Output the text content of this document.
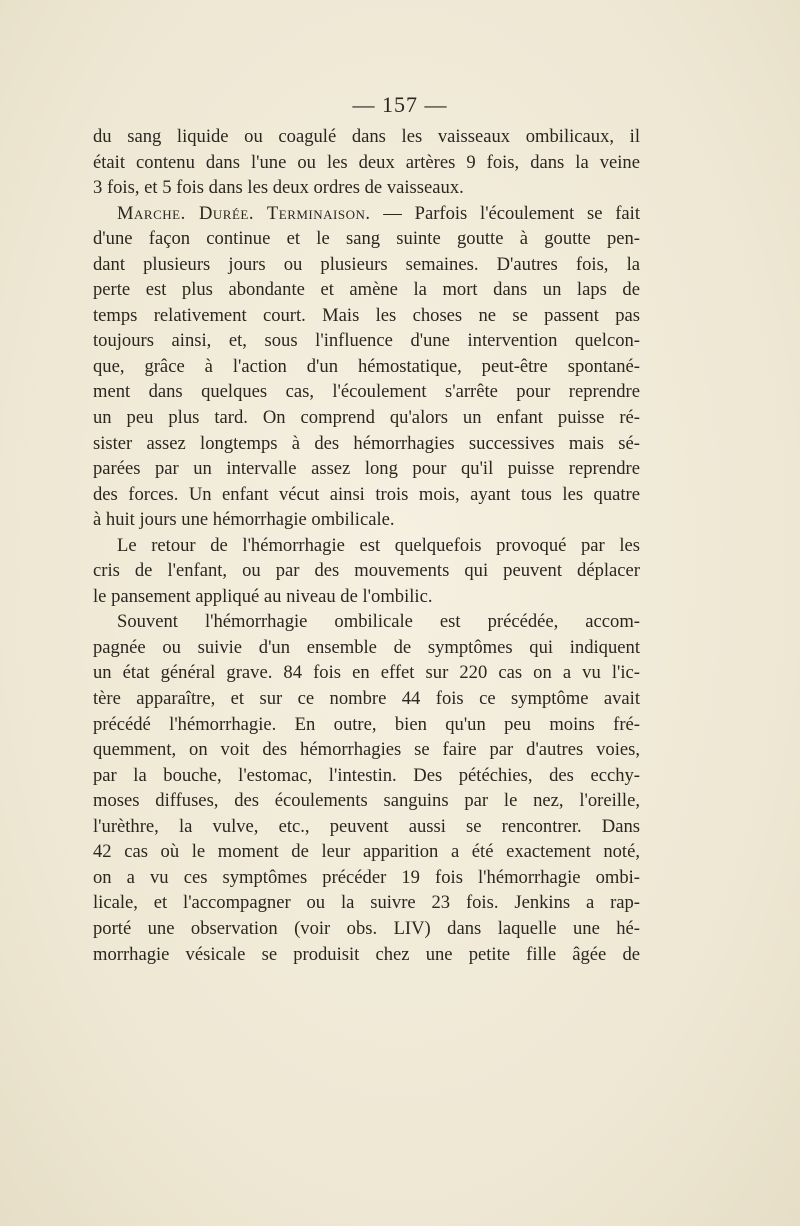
— 157 —
du sang liquide ou coagulé dans les vaisseaux ombilicaux, il
était contenu dans l'une ou les deux artères 9 fois, dans la veine
3 fois, et 5 fois dans les deux ordres de vaisseaux.
Marche. Durée. Terminaison. — Parfois l'écoulement se fait
d'une façon continue et le sang suinte goutte à goutte pen-
dant plusieurs jours ou plusieurs semaines. D'autres fois, la
perte est plus abondante et amène la mort dans un laps de
temps relativement court. Mais les choses ne se passent pas
toujours ainsi, et, sous l'influence d'une intervention quelcon-
que, grâce à l'action d'un hémostatique, peut-être spontané-
ment dans quelques cas, l'écoulement s'arrête pour reprendre
un peu plus tard. On comprend qu'alors un enfant puisse ré-
sister assez longtemps à des hémorrhagies successives mais sé-
parées par un intervalle assez long pour qu'il puisse reprendre
des forces. Un enfant vécut ainsi trois mois, ayant tous les quatre
à huit jours une hémorrhagie ombilicale.
Le retour de l'hémorrhagie est quelquefois provoqué par les
cris de l'enfant, ou par des mouvements qui peuvent déplacer
le pansement appliqué au niveau de l'ombilic.
Souvent l'hémorrhagie ombilicale est précédée, accom-
pagnée ou suivie d'un ensemble de symptômes qui indiquent
un état général grave. 84 fois en effet sur 220 cas on a vu l'ic-
tère apparaître, et sur ce nombre 44 fois ce symptôme avait
précédé l'hémorrhagie. En outre, bien qu'un peu moins fré-
quemment, on voit des hémorrhagies se faire par d'autres voies,
par la bouche, l'estomac, l'intestin. Des pétéchies, des ecchy-
moses diffuses, des écoulements sanguins par le nez, l'oreille,
l'urèthre, la vulve, etc., peuvent aussi se rencontrer. Dans
42 cas où le moment de leur apparition a été exactement noté,
on a vu ces symptômes précéder 19 fois l'hémorrhagie ombi-
licale, et l'accompagner ou la suivre 23 fois. Jenkins a rap-
porté une observation (voir obs. LIV) dans laquelle une hé-
morrhagie vésicale se produisit chez une petite fille âgée de
